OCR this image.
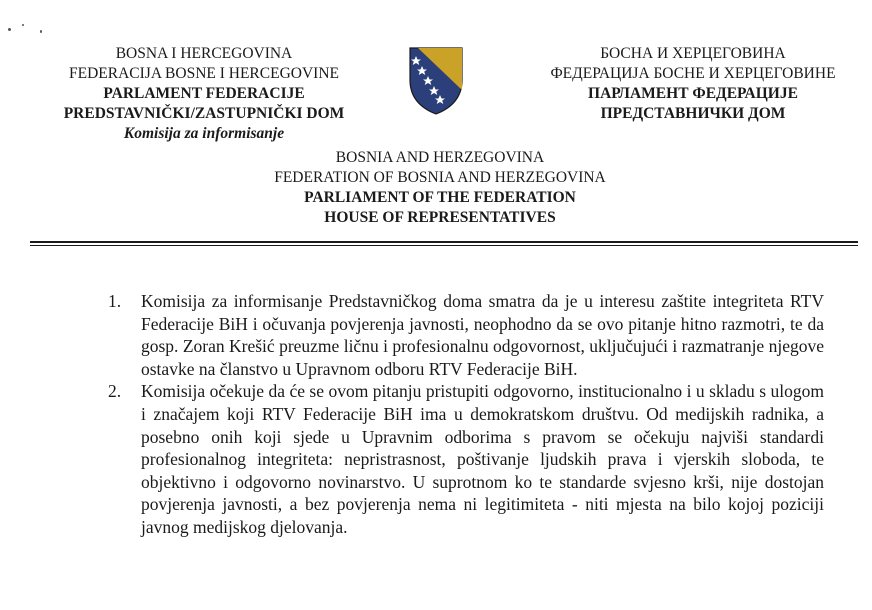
BOSNA I HERCEGOVINA
FEDERACIJA BOSNE I HERCEGOVINE
PARLAMENT FEDERACIJE
PREDSTAVNIČKI/ZASTUPNIČKI DOM
Komisija za informisanje
БОСНА И ХЕРЦЕГОВИНА
ФЕДЕРАЦИЈА БОСНЕ И ХЕРЦЕГОВИНЕ
ПАРЛАМЕНТ ФЕДЕРАЦИЈЕ
ПРЕДСТАВНИЧКИ ДОМ
BOSNIA AND HERZEGOVINA
FEDERATION OF BOSNIA AND HERZEGOVINA
PARLIAMENT OF THE FEDERATION
HOUSE OF REPRESENTATIVES
1. Komisija za informisanje Predstavničkog doma smatra da je u interesu zaštite integriteta RTV Federacije BiH i očuvanja povjerenja javnosti, neophodno da se ovo pitanje hitno razmotri, te da gosp. Zoran Krešić preuzme ličnu i profesionalnu odgovornost, uključujući i razmatranje njegove ostavke na članstvo u Upravnom odboru RTV Federacije BiH.
2. Komisija očekuje da će se ovom pitanju pristupiti odgovorno, institucionalno i u skladu s ulogom i značajem koji RTV Federacije BiH ima u demokratskom društvu. Od medijskih radnika, a posebno onih koji sjede u Upravnim odborima s pravom se očekuju najviši standardi profesionalnog integriteta: nepristrasnost, poštivanje ljudskih prava i vjerskih sloboda, te objektivno i odgovorno novinarstvo. U suprotnom ko te standarde svjesno krši, nije dostojan povjerenja javnosti, a bez povjerenja nema ni legitimiteta - niti mjesta na bilo kojoj poziciji javnog medijskog djelovanja.
